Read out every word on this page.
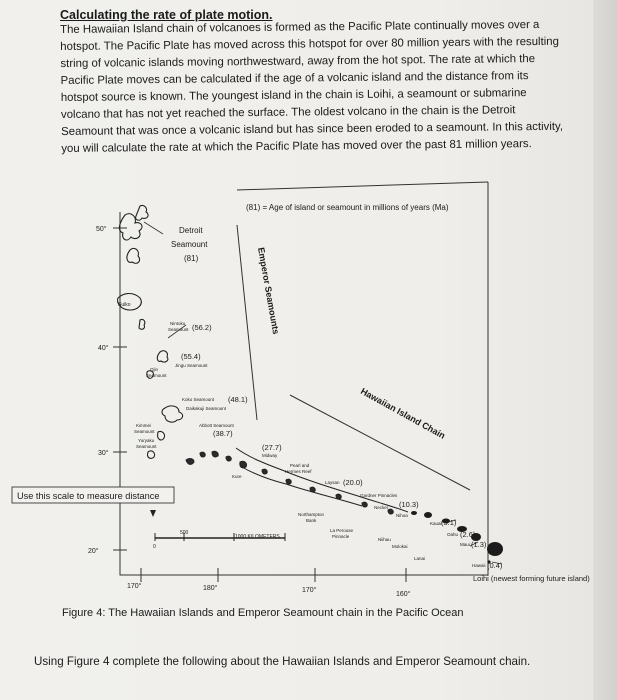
Calculating the rate of plate motion.
The Hawaiian Island chain of volcanoes is formed as the Pacific Plate continually moves over a hotspot. The Pacific Plate has moved across this hotspot for over 80 million years with the resulting string of volcanic islands moving northwestward, away from the hot spot. The rate at which the Pacific Plate moves can be calculated if the age of a volcanic island and the distance from its hotspot source is known. The youngest island in the chain is Loihi, a seamount or submarine volcano that has not yet reached the surface. The oldest volcano in the chain is the Detroit Seamount that was once a volcanic island but has since been eroded to a seamount. In this activity, you will calculate the rate at which the Pacific Plate has moved over the past 81 million years.
50°
40°
30°
20°
170°	180°	170°
160°
(81) = Age of island or seamount in millions of years (Ma)
Emperor Seamounts
Hawaiian Island Chain
Use this scale to measure distance
0
500
1000 KILOMETERS
Detroit
Seamount
(81)
Suiko
Nintoku
Seamount (56.2)
(55.4)
Jingu Seamount
Ojin
Seamount
Koko Seamount (48.1)
Daikakuji Seamount
Abbott Seamount
(38.7)
Kimmei
Seamount
Yuryaku
Seamount
Kure
(27.7)
Midway
Pearl and
Hermes Reef
Laysan (20.0)
Gardner Pinnacles
Necker (10.3)
Nihoa
Northampton
Bank
La Perouse
Pinnacle
Niihau
Kauai (5.1)
Oahu (2.6)
Maui (1.3)
Molokai
Lanai
Hawaii (0.4)
Loihi (newest forming future island)
Figure 4: The Hawaiian Islands and Emperor Seamount chain in the Pacific Ocean
Using Figure 4 complete the following about the Hawaiian Islands and Emperor Seamount chain.
